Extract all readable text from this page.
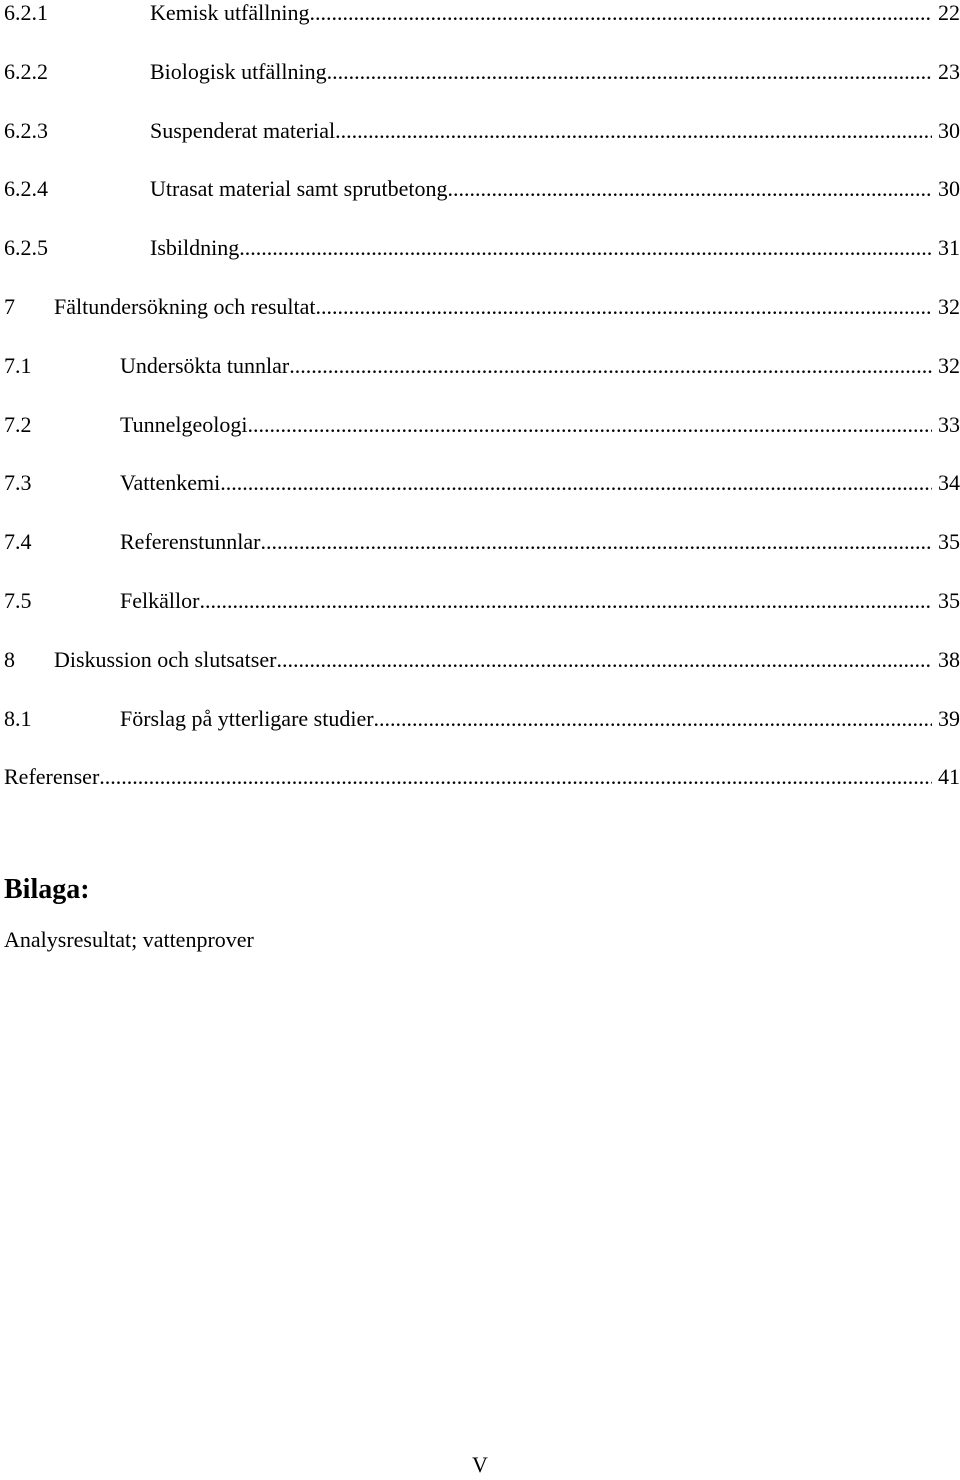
6.2.1	Kemisk utfällning .....	22
6.2.2	Biologisk utfällning .....	23
6.2.3	Suspenderat material .....	30
6.2.4	Utrasat material samt sprutbetong .....	30
6.2.5	Isbildning .....	31
7 Fältundersökning och resultat .....	32
7.1	Undersökta tunnlar .....	32
7.2	Tunnelgeologi .....	33
7.3	Vattenkemi .....	34
7.4	Referenstunnlar .....	35
7.5	Felkällor .....	35
8 Diskussion och slutsatser .....	38
8.1	Förslag på ytterligare studier .....	39
Referenser .....	41
Bilaga:
Analysresultat; vattenprover
V
